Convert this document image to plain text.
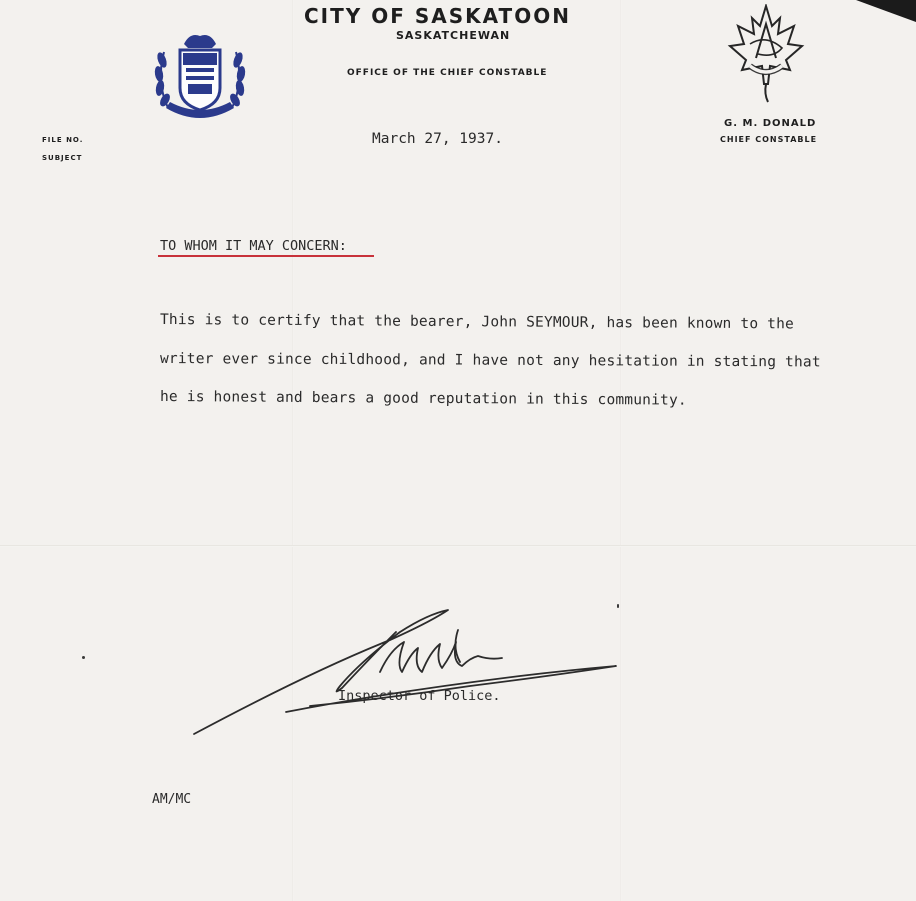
CITY OF SASKATOON
SASKATCHEWAN
OFFICE OF THE CHIEF CONSTABLE
G. M. DONALD
CHIEF CONSTABLE
FILE NO.
SUBJECT
March 27, 1937.
TO WHOM IT MAY CONCERN:
This is to certify that the bearer, John SEYMOUR, has been known to the
writer ever since childhood, and I have not any hesitation in stating that
he is honest and bears a good reputation in this community.
Inspector of Police.
AM/MC
